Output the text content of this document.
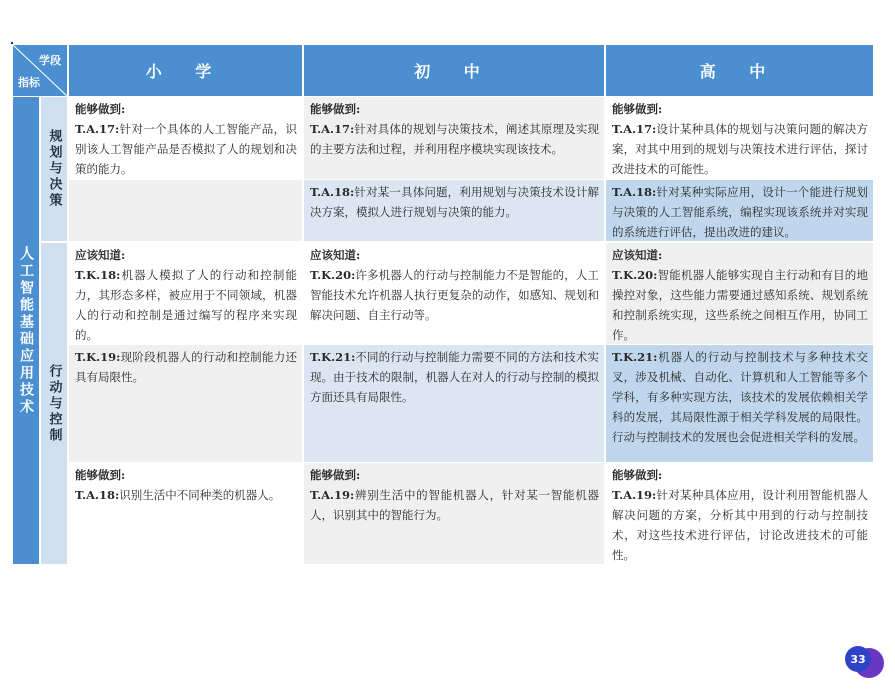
学段
指标
小 学	初 中	高 中
人工智能基础应用技术
规划与决策
行动与控制
能够做到:
T.A.17:针对一个具体的人工智能产品，识别该人工智能产品是否模拟了人的规划和决策的能力。
能够做到:
T.A.17:针对具体的规划与决策技术，阐述其原理及实现的主要方法和过程，并利用程序模块实现该技术。
T.A.18:针对某一具体问题，利用规划与决策技术设计解决方案，模拟人进行规划与决策的能力。
能够做到:
T.A.17:设计某种具体的规划与决策问题的解决方案，对其中用到的规划与决策技术进行评估，探讨改进技术的可能性。
T.A.18:针对某种实际应用，设计一个能进行规划与决策的人工智能系统，编程实现该系统并对实现的系统进行评估，提出改进的建议。
应该知道:
T.K.18:机器人模拟了人的行动和控制能力，其形态多样，被应用于不同领域，机器人的行动和控制是通过编写的程序来实现的。
应该知道:
T.K.20:许多机器人的行动与控制能力不是智能的，人工智能技术允许机器人执行更复杂的动作，如感知、规划和解决问题、自主行动等。
应该知道:
T.K.20:智能机器人能够实现自主行动和有目的地操控对象，这些能力需要通过感知系统、规划系统和控制系统实现，这些系统之间相互作用，协同工作。
T.K.19:现阶段机器人的行动和控制能力还具有局限性。
T.K.21:不同的行动与控制能力需要不同的方法和技术实现。由于技术的限制，机器人在对人的行动与控制的模拟方面还具有局限性。
T.K.21:机器人的行动与控制技术与多种技术交叉，涉及机械、自动化、计算机和人工智能等多个学科，有多种实现方法，该技术的发展依赖相关学科的发展，其局限性源于相关学科发展的局限性。行动与控制技术的发展也会促进相关学科的发展。
能够做到:
T.A.18:识别生活中不同种类的机器人。
能够做到:
T.A.19:辨别生活中的智能机器人，针对某一智能机器人，识别其中的智能行为。
能够做到:
T.A.19:针对某种具体应用，设计利用智能机器人解决问题的方案，分析其中用到的行动与控制技术，对这些技术进行评估，讨论改进技术的可能性。
33
